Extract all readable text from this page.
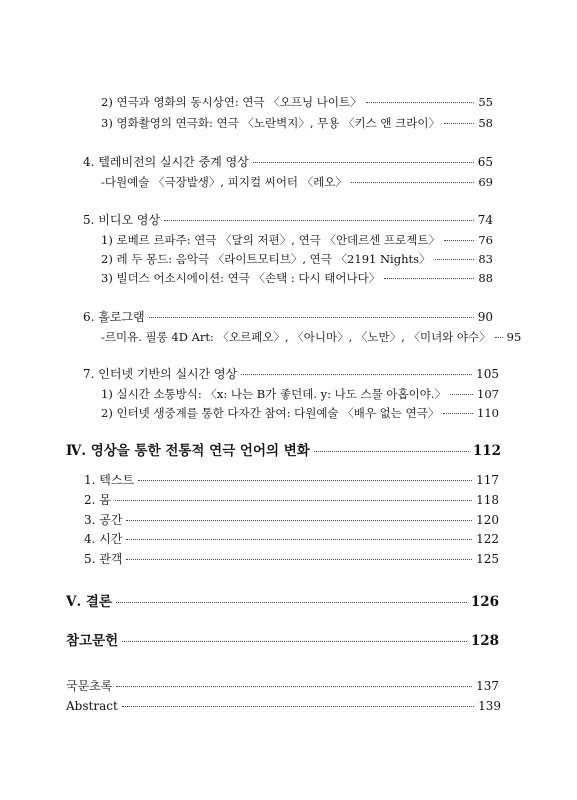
2) 연극과 영화의 동시상연: 연극 〈오프닝 나이트〉	55
3) 영화촬영의 연극화: 연극 〈노란벽지〉, 무용 〈키스 앤 크라이〉	58
4. 텔레비전의 실시간 중계 영상	65
-다원예술 〈극장발생〉, 피지컬 씨어터 〈레오〉	69
5. 비디오 영상	74
1) 로베르 르파주: 연극 〈달의 저편〉, 연극 〈안데르센 프로젝트〉	76
2) 레 두 몽드: 음악극 〈라이트모티브〉, 연극 〈2191 Nights〉	83
3) 빌더스 어소시에이션: 연극 〈손택 : 다시 태어나다〉	88
6. 홀로그램	90
-르미유. 필롱 4D Art: 〈오르페오〉, 〈아니마〉, 〈노만〉, 〈미녀와 야수〉 95
7. 인터넷 기반의 실시간 영상	105
1) 실시간 소통방식: 〈x: 나는 B가 좋던데. y: 나도 스물 아홉이야.〉	107
2) 인터넷 생중계를 통한 다자간 참여: 다원예술 〈배우 없는 연극〉	110
Ⅳ. 영상을 통한 전통적 연극 언어의 변화	112
1. 텍스트	117
2. 몸	118
3. 공간	120
4. 시간	122
5. 관객	125
Ⅴ. 결론	126
참고문헌	128
국문초록	137
Abstract	139
